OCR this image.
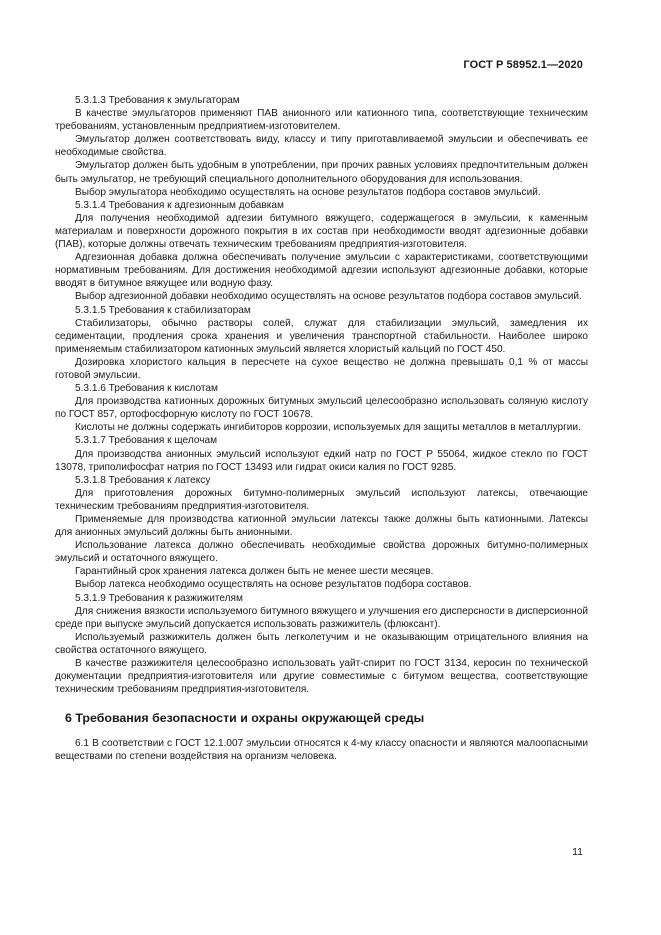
ГОСТ Р 58952.1—2020

5.3.1.3 Требования к эмульгаторам

В качестве эмульгаторов применяют ПАВ анионного или катионного типа, соответствующие техническим требованиям, установленным предприятием-изготовителем.

Эмульгатор должен соответствовать виду, классу и типу приготавливаемой эмульсии и обеспечивать ее необходимые свойства.

Эмульгатор должен быть удобным в употреблении, при прочих равных условиях предпочтительным должен быть эмульгатор, не требующий специального дополнительного оборудования для использования.

Выбор эмульгатора необходимо осуществлять на основе результатов подбора составов эмульсий.

5.3.1.4 Требования к адгезионным добавкам

Для получения необходимой адгезии битумного вяжущего, содержащегося в эмульсии, к каменным материалам и поверхности дорожного покрытия в их состав при необходимости вводят адгезионные добавки (ПАВ), которые должны отвечать техническим требованиям предприятия-изготовителя.

Адгезионная добавка должна обеспечивать получение эмульсии с характеристиками, соответствующими нормативным требованиям. Для достижения необходимой адгезии используют адгезионные добавки, которые вводят в битумное вяжущее или водную фазу.

Выбор адгезионной добавки необходимо осуществлять на основе результатов подбора составов эмульсий.

5.3.1.5 Требования к стабилизаторам

Стабилизаторы, обычно растворы солей, служат для стабилизации эмульсий, замедления их седиментации, продления срока хранения и увеличения транспортной стабильности. Наиболее широко применяемым стабилизатором катионных эмульсий является хлористый кальций по ГОСТ 450.

Дозировка хлористого кальция в пересчете на сухое вещество не должна превышать 0,1 % от массы готовой эмульсии.

5.3.1.6 Требования к кислотам

Для производства катионных дорожных битумных эмульсий целесообразно использовать соляную кислоту по ГОСТ 857, ортофосфорную кислоту по ГОСТ 10678.

Кислоты не должны содержать ингибиторов коррозии, используемых для защиты металлов в металлургии.

5.3.1.7 Требования к щелочам

Для производства анионных эмульсий используют едкий натр по ГОСТ Р 55064, жидкое стекло по ГОСТ 13078, триполифосфат натрия по ГОСТ 13493 или гидрат окиси калия по ГОСТ 9285.

5.3.1.8 Требования к латексу

Для приготовления дорожных битумно-полимерных эмульсий используют латексы, отвечающие техническим требованиям предприятия-изготовителя.

Применяемые для производства катионной эмульсии латексы также должны быть катионными. Латексы для анионных эмульсий должны быть анионными.

Использование латекса должно обеспечивать необходимые свойства дорожных битумно-полимерных эмульсий и остаточного вяжущего.

Гарантийный срок хранения латекса должен быть не менее шести месяцев.

Выбор латекса необходимо осуществлять на основе результатов подбора составов.

5.3.1.9 Требования к разжижителям

Для снижения вязкости используемого битумного вяжущего и улучшения его дисперсности в дисперсионной среде при выпуске эмульсий допускается использовать разжижитель (флюксант).

Используемый разжижитель должен быть легколетучим и не оказывающим отрицательного влияния на свойства остаточного вяжущего.

В качестве разжижителя целесообразно использовать уайт-спирит по ГОСТ 3134, керосин по технической документации предприятия-изготовителя или другие совместимые с битумом вещества, соответствующие техническим требованиям предприятия-изготовителя.

6 Требования безопасности и охраны окружающей среды

6.1 В соответствии с ГОСТ 12.1.007 эмульсии относятся к 4-му классу опасности и являются малоопасными веществами по степени воздействия на организм человека.

11
